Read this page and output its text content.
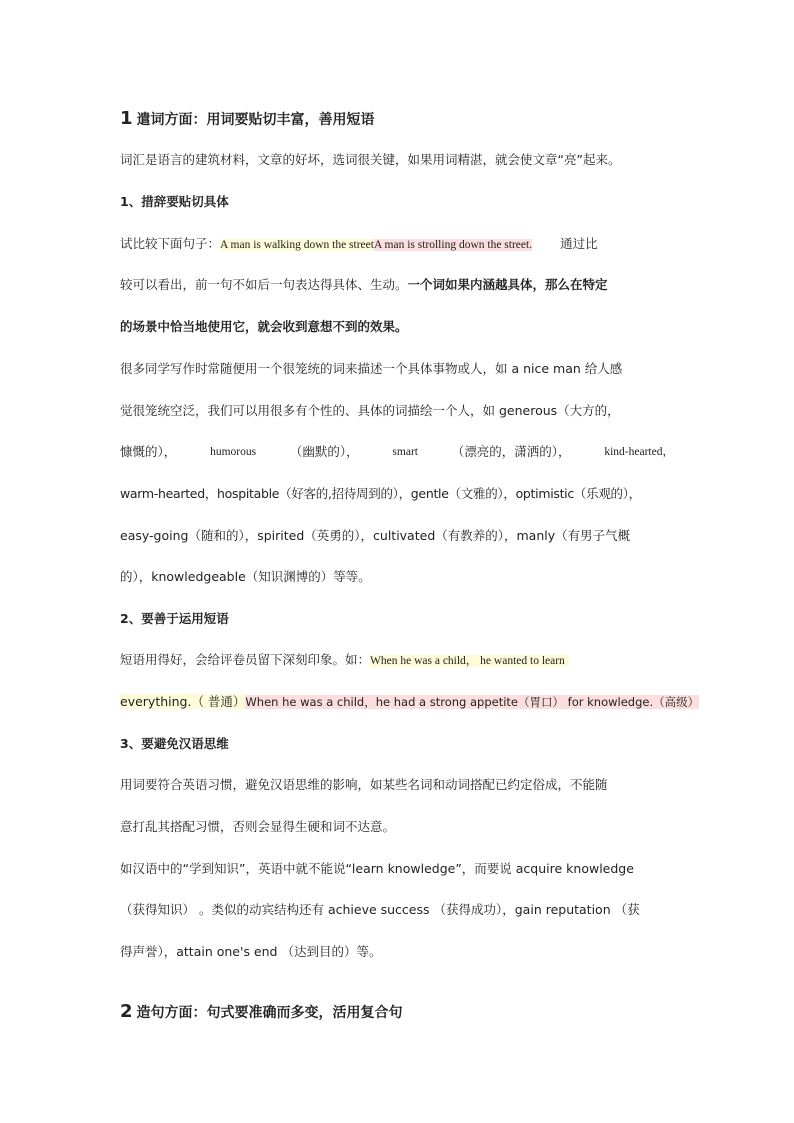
1 遣词方面：用词要贴切丰富，善用短语
词汇是语言的建筑材料，文章的好坏，选词很关键，如果用词精湛，就会使文章“亮”起来。
1、措辞要贴切具体
试比较下面句子：A man is walking down the streetA man is strolling down the street. 通过比
较可以看出，前一句不如后一句表达得具体、生动。一个词如果内涵越具体，那么在特定
的场景中恰当地使用它，就会收到意想不到的效果。
很多同学写作时常随便用一个很笼统的词来描述一个具体事物或人，如 a nice man 给人感
觉很笼统空泛，我们可以用很多有个性的、具体的词描绘一个人，如 generous（大方的，
慷慨的），	humorous	（幽默的），	smart	（漂亮的，潇洒的），	kind-hearted，
warm-hearted，hospitable（好客的,招待周到的），gentle（文雅的），optimistic（乐观的），
easy-going（随和的），spirited（英勇的），cultivated（有教养的），manly（有男子气概
的），knowledgeable（知识渊博的）等等。
2、要善于运用短语
短语用得好，会给评卷员留下深刻印象。如：When he was a child， he wanted to learn
everything.（ 普通）When he was a child，he had a strong appetite（胃口） for knowledge.（高级）
3、要避免汉语思维
用词要符合英语习惯，避免汉语思维的影响，如某些名词和动词搭配已约定俗成，不能随
意打乱其搭配习惯，否则会显得生硬和词不达意。
如汉语中的“学到知识”，英语中就不能说“learn knowledge”，而要说 acquire knowledge
（获得知识） 。类似的动宾结构还有 achieve success （获得成功），gain reputation （获
得声誉），attain one's end （达到目的）等。
2 造句方面：句式要准确而多变，活用复合句
